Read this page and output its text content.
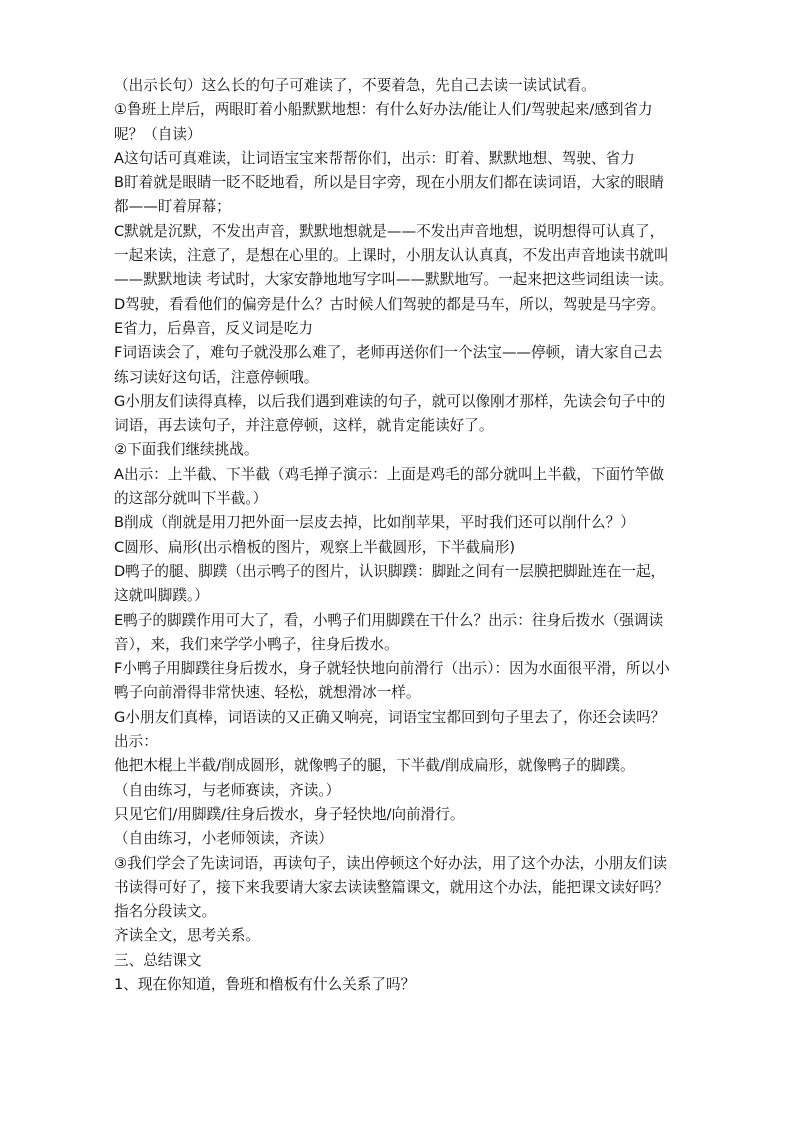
（出示长句）这么长的句子可难读了，不要着急，先自己去读一读试试看。
①鲁班上岸后，两眼盯着小船默默地想：有什么好办法/能让人们/驾驶起来/感到省力
呢？（自读）
A这句话可真难读，让词语宝宝来帮帮你们，出示：盯着、默默地想、驾驶、省力
B盯着就是眼睛一眨不眨地看，所以是目字旁，现在小朋友们都在读词语，大家的眼睛
都——盯着屏幕；
C默就是沉默，不发出声音，默默地想就是——不发出声音地想，说明想得可认真了，
一起来读，注意了，是想在心里的。上课时，小朋友认认真真，不发出声音地读书就叫
——默默地读 考试时，大家安静地地写字叫——默默地写。一起来把这些词组读一读。
D驾驶，看看他们的偏旁是什么？古时候人们驾驶的都是马车，所以，驾驶是马字旁。
E省力，后鼻音，反义词是吃力
F词语读会了，难句子就没那么难了，老师再送你们一个法宝——停顿，请大家自己去
练习读好这句话，注意停顿哦。
G小朋友们读得真棒，以后我们遇到难读的句子，就可以像刚才那样，先读会句子中的
词语，再去读句子，并注意停顿，这样，就肯定能读好了。
②下面我们继续挑战。
A出示：上半截、下半截（鸡毛掸子演示：上面是鸡毛的部分就叫上半截，下面竹竿做
的这部分就叫下半截。）
B削成（削就是用刀把外面一层皮去掉，比如削苹果，平时我们还可以削什么？）
C圆形、扁形(出示橹板的图片，观察上半截圆形，下半截扁形)
D鸭子的腿、脚蹼（出示鸭子的图片，认识脚蹼：脚趾之间有一层膜把脚趾连在一起，
这就叫脚蹼。）
E鸭子的脚蹼作用可大了，看，小鸭子们用脚蹼在干什么？出示：往身后拨水（强调读
音），来，我们来学学小鸭子，往身后拨水。
F小鸭子用脚蹼往身后拨水，身子就轻快地向前滑行（出示）：因为水面很平滑，所以小
鸭子向前滑得非常快速、轻松，就想滑冰一样。
G小朋友们真棒，词语读的又正确又响亮，词语宝宝都回到句子里去了，你还会读吗？
出示：
他把木棍上半截/削成圆形，就像鸭子的腿，下半截/削成扁形，就像鸭子的脚蹼。
（自由练习，与老师赛读，齐读。）
只见它们/用脚蹼/往身后拨水，身子轻快地/向前滑行。
（自由练习，小老师领读，齐读）
③我们学会了先读词语，再读句子，读出停顿这个好办法，用了这个办法，小朋友们读
书读得可好了，接下来我要请大家去读读整篇课文，就用这个办法，能把课文读好吗？
指名分段读文。
齐读全文，思考关系。
三、总结课文
1、现在你知道，鲁班和橹板有什么关系了吗？
